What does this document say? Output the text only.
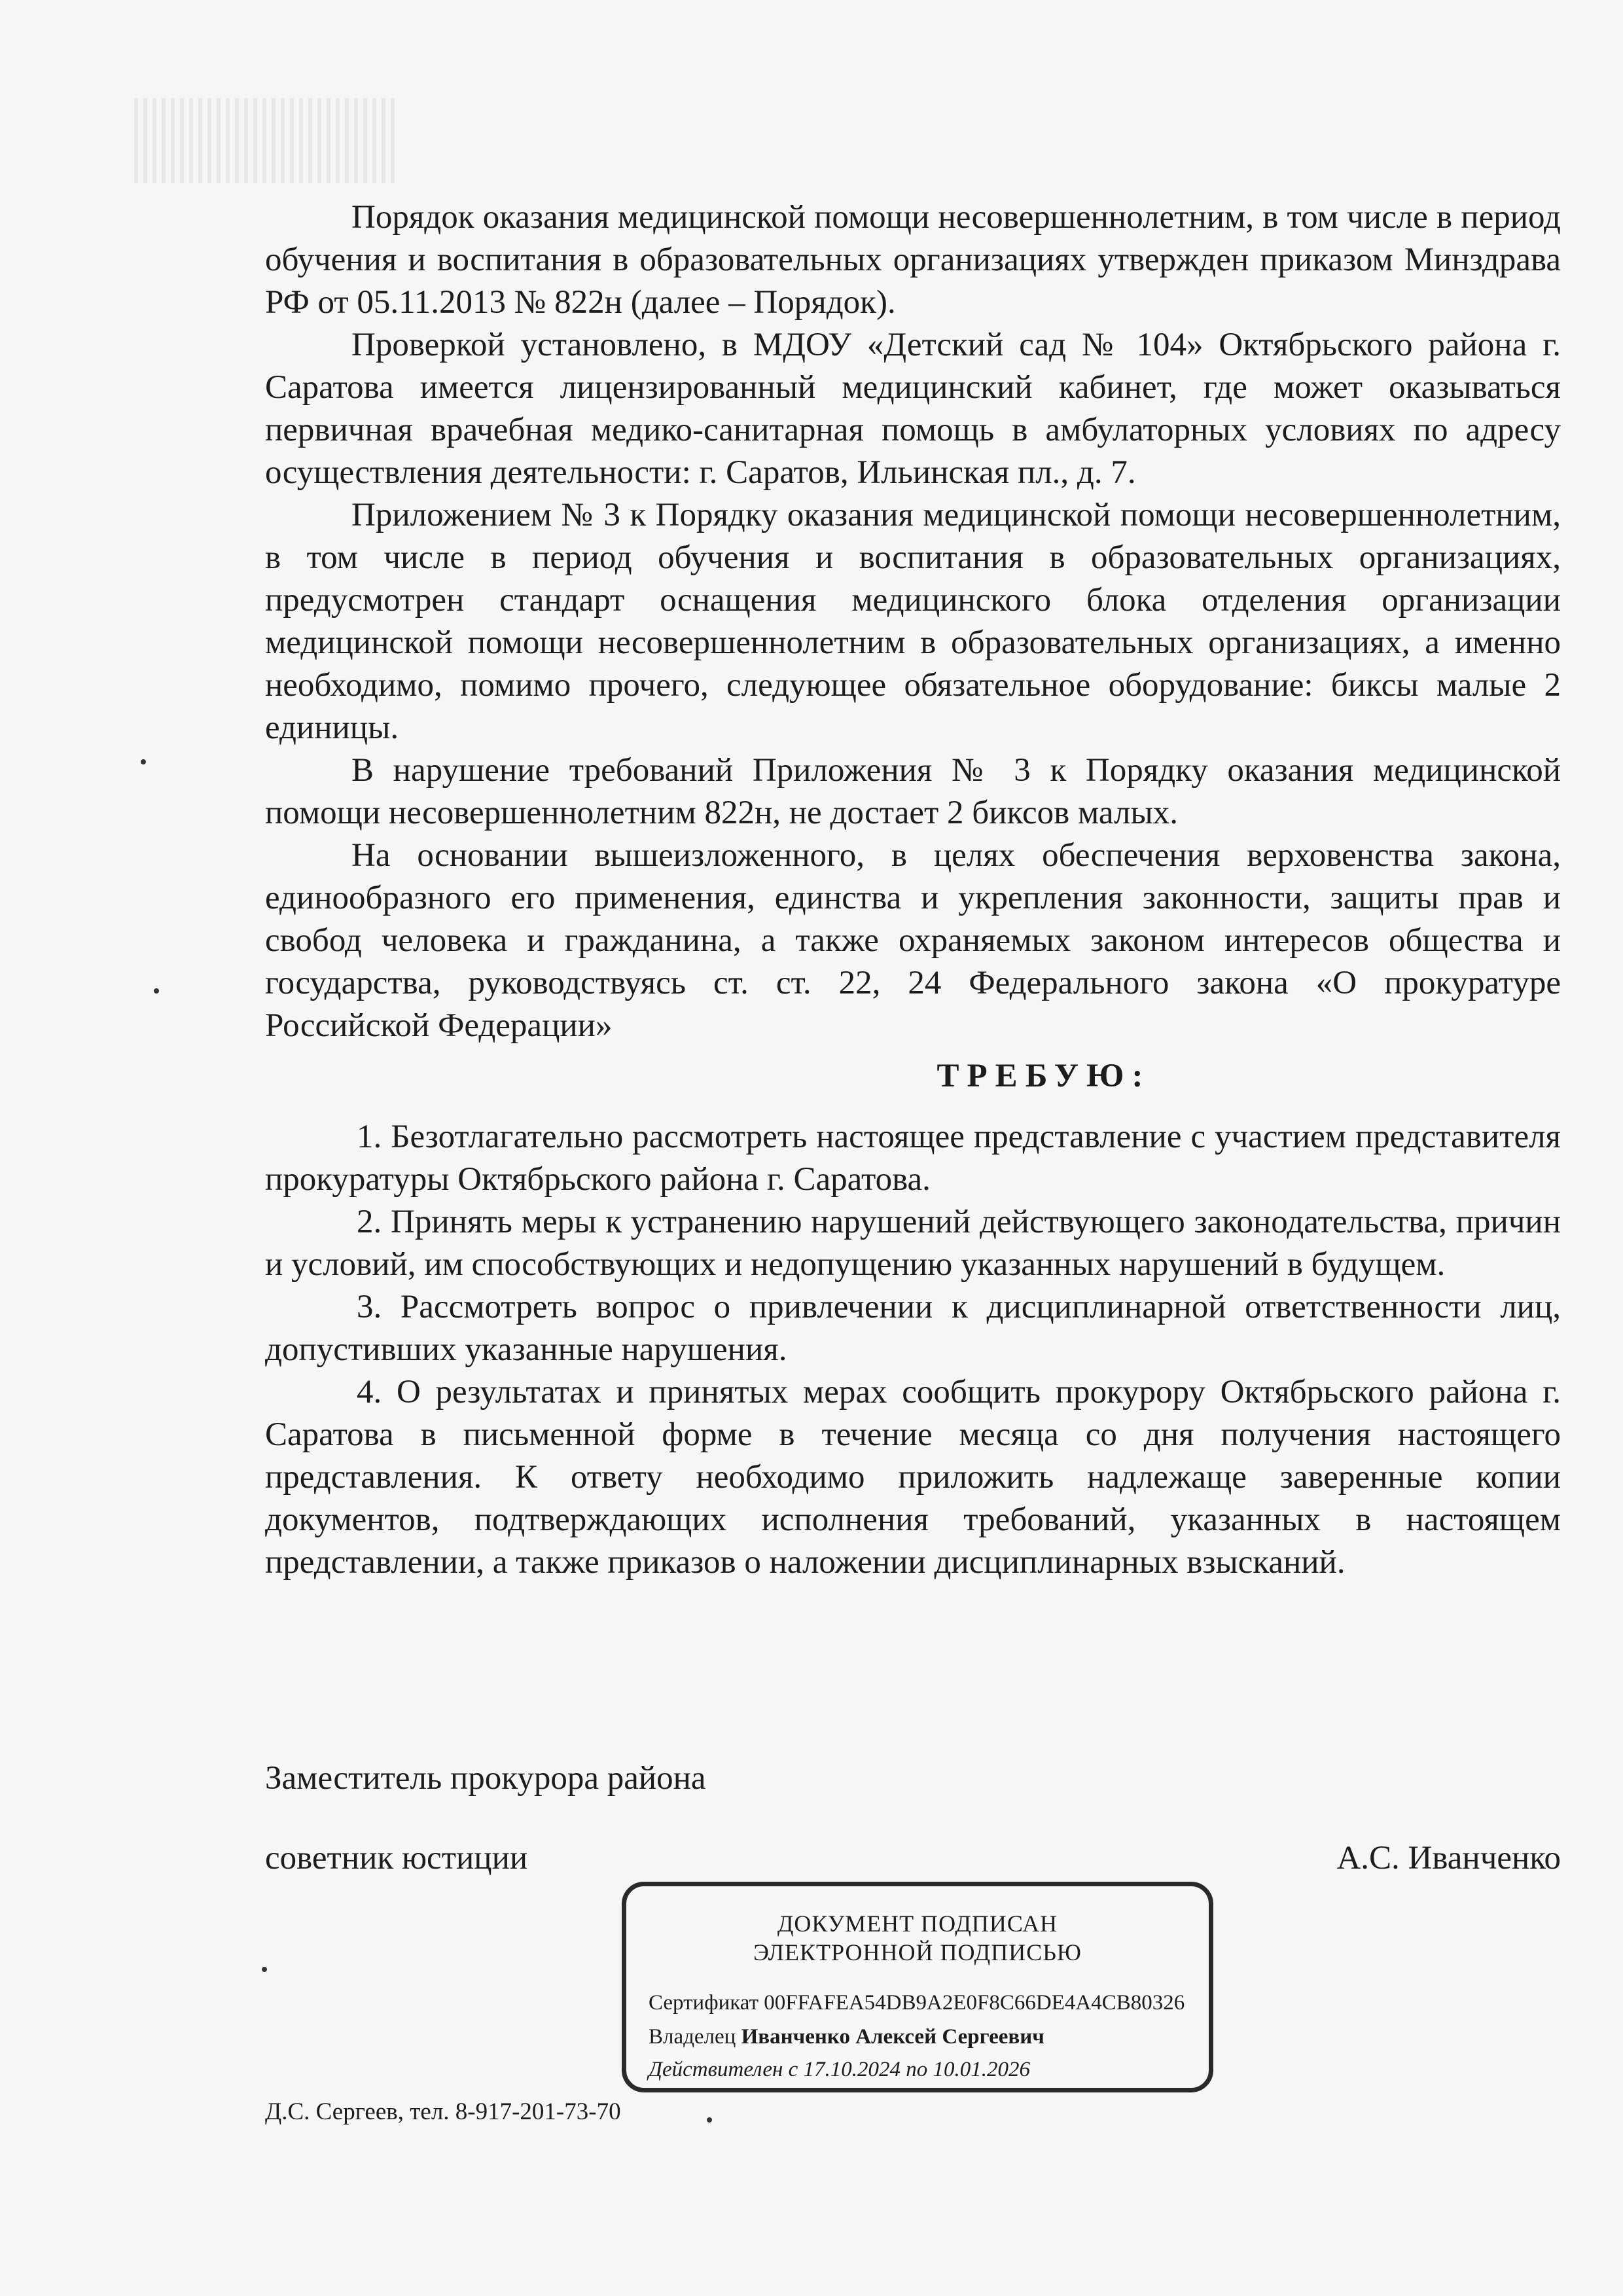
Порядок оказания медицинской помощи несовершеннолетним, в том числе в период обучения и воспитания в образовательных организациях утвержден приказом Минздрава РФ от 05.11.2013 № 822н (далее – Порядок).

Проверкой установлено, в МДОУ «Детский сад № 104» Октябрьского района г. Саратова имеется лицензированный медицинский кабинет, где может оказываться первичная врачебная медико-санитарная помощь в амбулаторных условиях по адресу осуществления деятельности: г. Саратов, Ильинская пл., д. 7.

Приложением № 3 к Порядку оказания медицинской помощи несовершеннолетним, в том числе в период обучения и воспитания в образовательных организациях, предусмотрен стандарт оснащения медицинского блока отделения организации медицинской помощи несовершеннолетним в образовательных организациях, а именно необходимо, помимо прочего, следующее обязательное оборудование: биксы малые 2 единицы.

В нарушение требований Приложения № 3 к Порядку оказания медицинской помощи несовершеннолетним 822н, не достает 2 биксов малых.

На основании вышеизложенного, в целях обеспечения верховенства закона, единообразного его применения, единства и укрепления законности, защиты прав и свобод человека и гражданина, а также охраняемых законом интересов общества и государства, руководствуясь ст. ст. 22, 24 Федерального закона «О прокуратуре Российской Федерации»

ТРЕБУЮ:

1. Безотлагательно рассмотреть настоящее представление с участием представителя прокуратуры Октябрьского района г. Саратова.

2. Принять меры к устранению нарушений действующего законодательства, причин и условий, им способствующих и недопущению указанных нарушений в будущем.

3. Рассмотреть вопрос о привлечении к дисциплинарной ответственности лиц, допустивших указанные нарушения.

4. О результатах и принятых мерах сообщить прокурору Октябрьского района г. Саратова в письменной форме в течение месяца со дня получения настоящего представления. К ответу необходимо приложить надлежаще заверенные копии документов, подтверждающих исполнения требований, указанных в настоящем представлении, а также приказов о наложении дисциплинарных взысканий.

Заместитель прокурора района
советник юстиции	А.С. Иванченко
ДОКУМЕНТ ПОДПИСАН
ЭЛЕКТРОННОЙ ПОДПИСЬЮ
Сертификат 00FFAFEA54DB9A2E0F8C66DE4A4CB80326
Владелец Иванченко Алексей Сергеевич
Действителен с 17.10.2024 по 10.01.2026
Д.С. Сергеев, тел. 8-917-201-73-70
